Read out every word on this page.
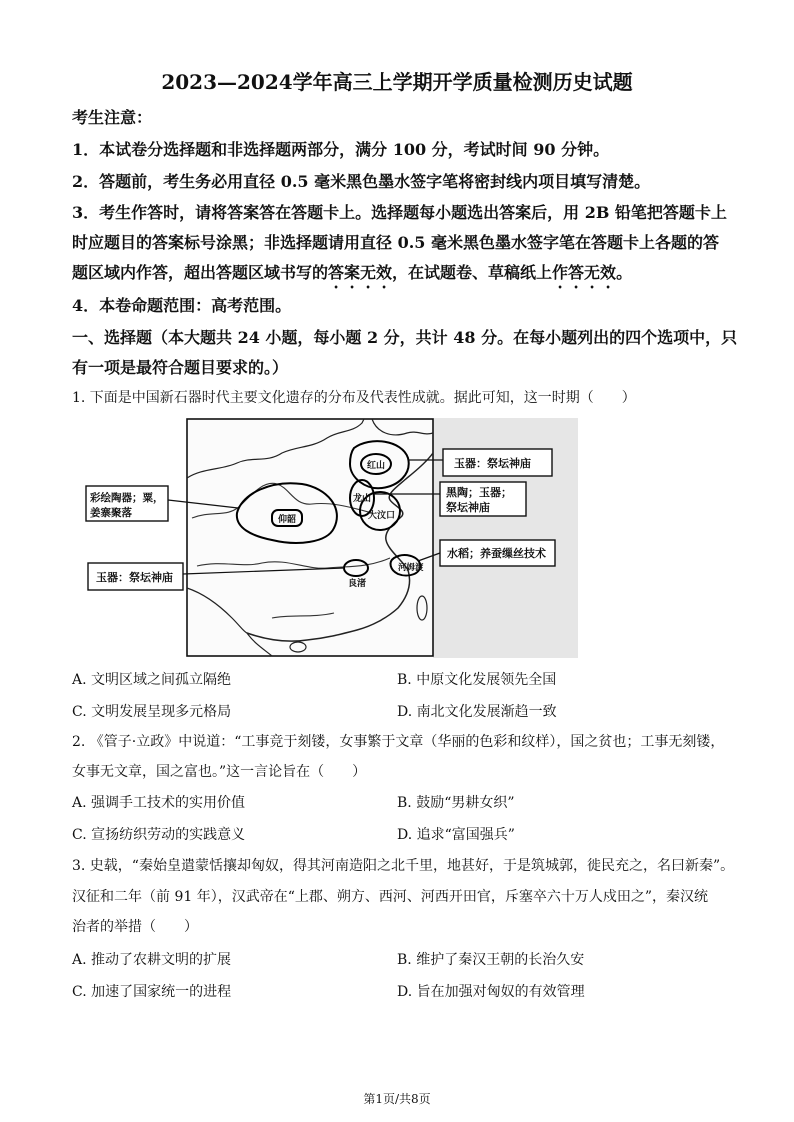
2023—2024学年高三上学期开学质量检测历史试题
考生注意：
1．本试卷分选择题和非选择题两部分，满分 100 分，考试时间 90 分钟。
2．答题前，考生务必用直径 0.5 毫米黑色墨水签字笔将密封线内项目填写清楚。
3．考生作答时，请将答案答在答题卡上。选择题每小题选出答案后，用 2B 铅笔把答题卡上
时应题目的答案标号涂黑；非选择题请用直径 0.5 毫米黑色墨水签字笔在答题卡上各题的答
题区域内作答，超出答题区域书写的答案无效，在试题卷、草稿纸上作答无效。
4．本卷命题范围：高考范围。
一、选择题（本大题共 24 小题，每小题 2 分，共计 48 分。在每小题列出的四个选项中，只
有一项是最符合题目要求的。）
1. 下面是中国新石器时代主要文化遗存的分布及代表性成就。据此可知，这一时期（　　）
红山
龙山
大汶口
仰韶
良渚
河姆渡
彩绘陶器；粟，
姜寨聚落
玉器：祭坛神庙
玉器：祭坛神庙
黑陶；玉器；
祭坛神庙
水稻；养蚕缫丝技术
A. 文明区域之间孤立隔绝	B. 中原文化发展领先全国
C. 文明发展呈现多元格局	D. 南北文化发展渐趋一致
2. 《管子·立政》中说道：“工事竞于刻镂，女事繁于文章（华丽的色彩和纹样），国之贫也；工事无刻镂，
女事无文章，国之富也。”这一言论旨在（　　）
A. 强调手工技术的实用价值	B. 鼓励“男耕女织”
C. 宣扬纺织劳动的实践意义	D. 追求“富国强兵”
3. 史载，“秦始皇遣蒙恬攘却匈奴，得其河南造阳之北千里，地甚好，于是筑城郭，徙民充之，名曰新秦”。
汉征和二年（前 91 年），汉武帝在“上郡、朔方、西河、河西开田官，斥塞卒六十万人戍田之”，秦汉统
治者的举措（　　）
A. 推动了农耕文明的扩展	B. 维护了秦汉王朝的长治久安
C. 加速了国家统一的进程	D. 旨在加强对匈奴的有效管理
第1页/共8页
